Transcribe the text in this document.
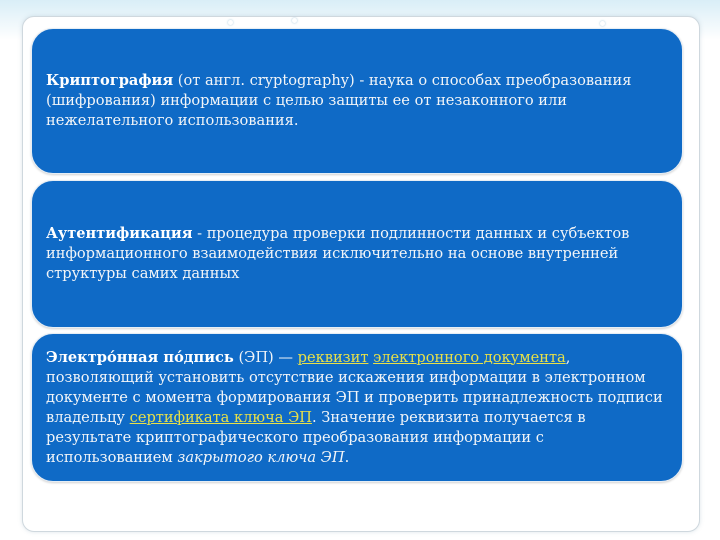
Криптография (от англ. cryptography) - наука о способах преобразования (шифрования) информации с целью защиты ее от незаконного или нежелательного использования.

Аутентификация - процедура проверки подлинности данных и субъектов информационного взаимодействия исключительно на основе внутренней структуры самих данных

Электро́нная по́дпись (ЭП) — реквизит электронного документа, позволяющий установить отсутствие искажения информации в электронном документе с момента формирования ЭП и проверить принадлежность подписи владельцу сертификата ключа ЭП. Значение реквизита получается в результате криптографического преобразования информации с использованием закрытого ключа ЭП.
